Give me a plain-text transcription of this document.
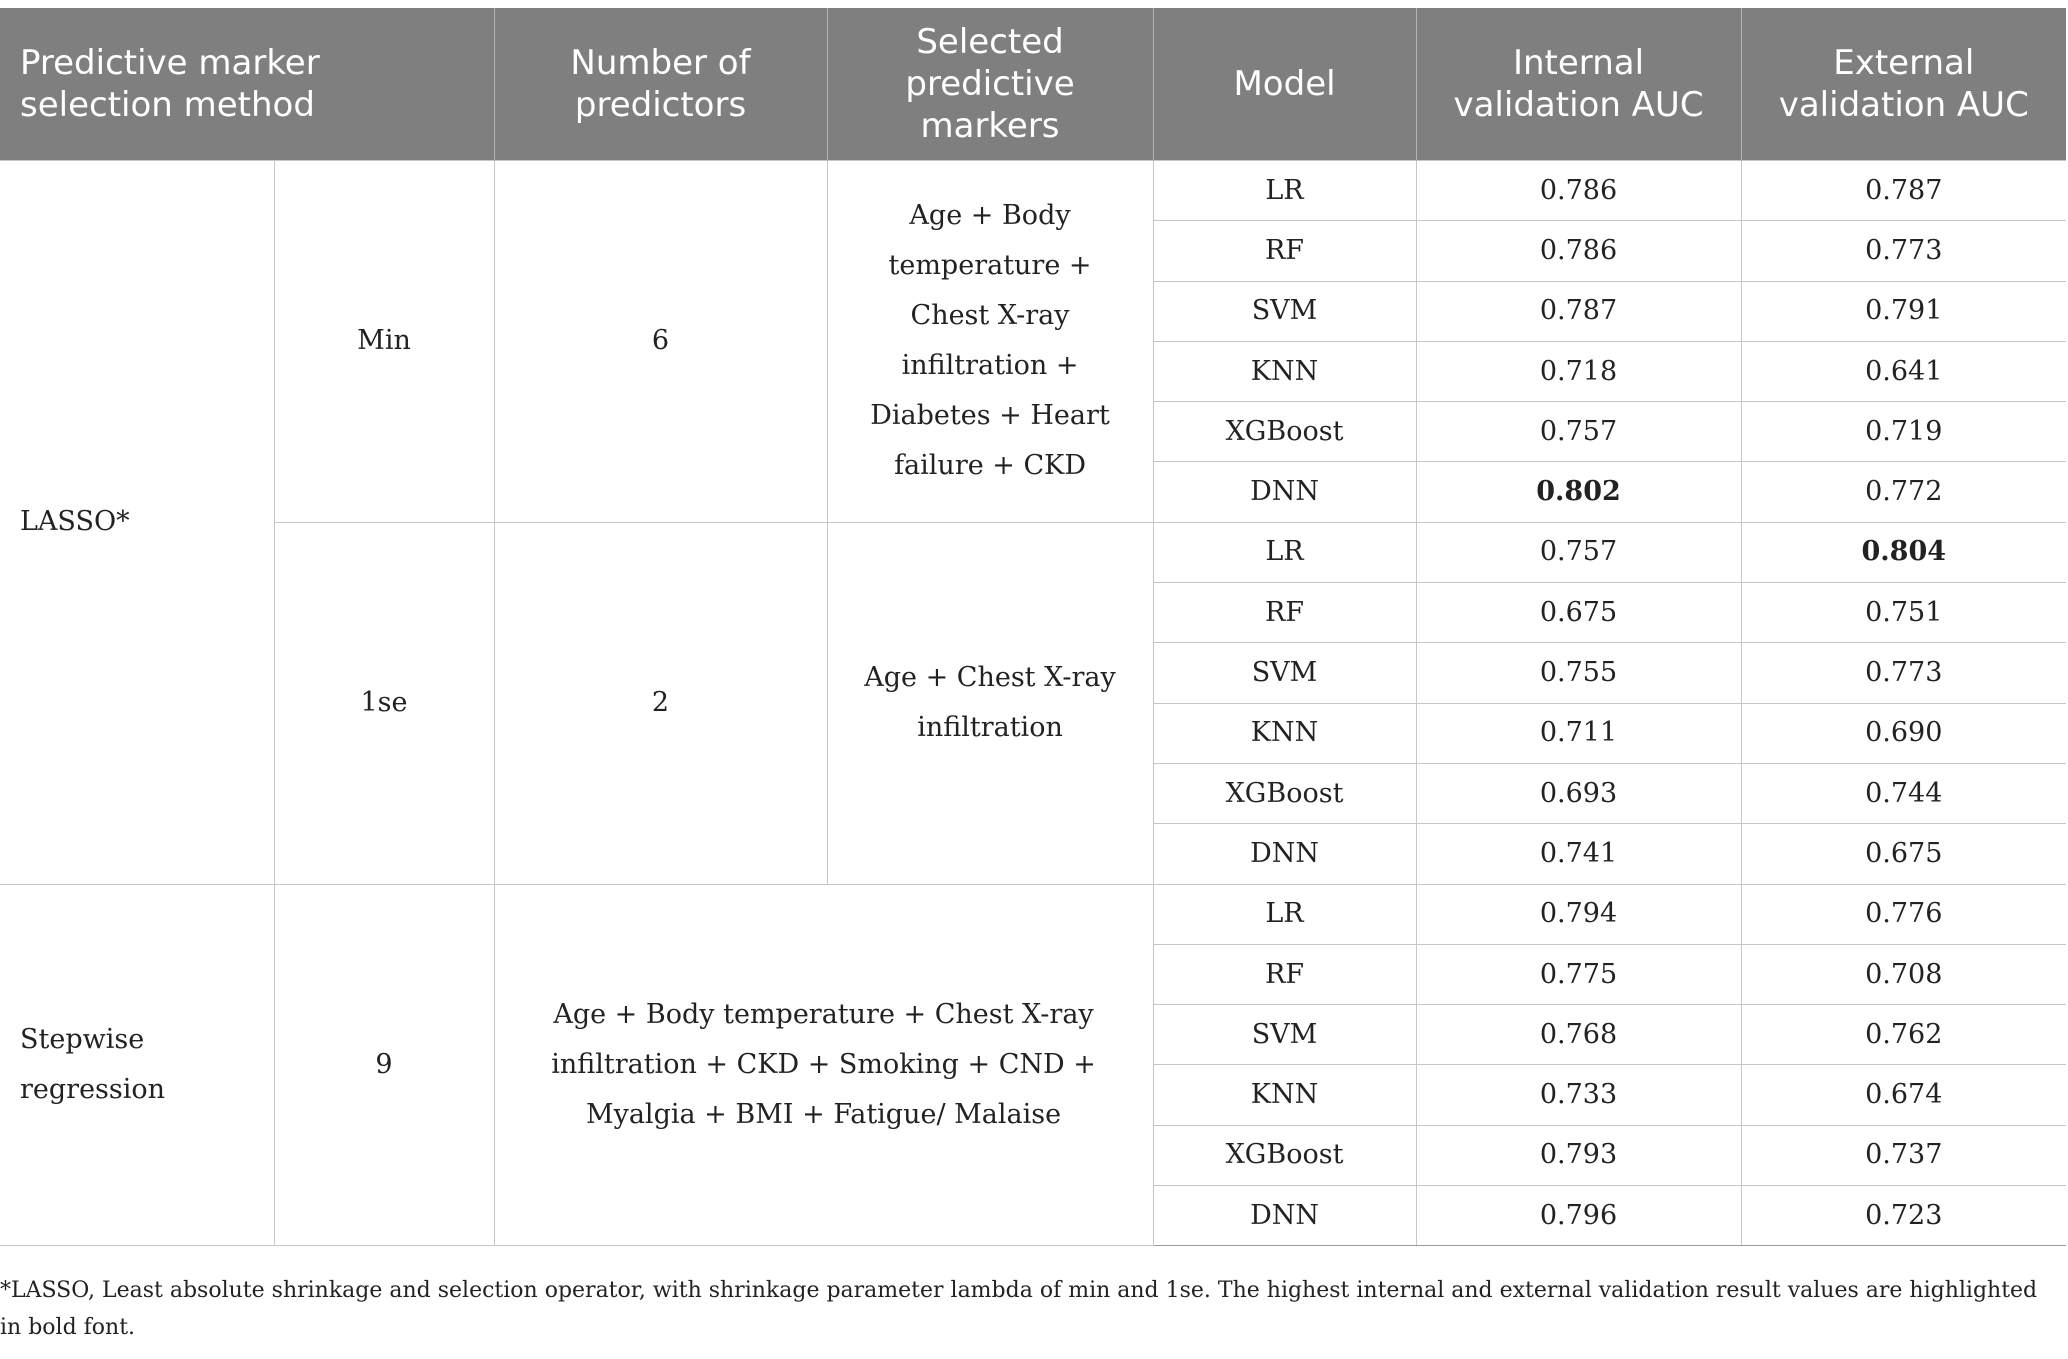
Predictive marker selection method		Number of predictors	Selected predictive markers	Model	Internal validation AUC	External validation AUC
LASSO*	Min	6	Age + Body temperature + Chest X-ray infiltration + Diabetes + Heart failure + CKD	LR	0.786	0.787
				RF	0.786	0.773
				SVM	0.787	0.791
				KNN	0.718	0.641
				XGBoost	0.757	0.719
				DNN	0.802	0.772
	1se	2	Age + Chest X-ray infiltration	LR	0.757	0.804
				RF	0.675	0.751
				SVM	0.755	0.773
				KNN	0.711	0.690
				XGBoost	0.693	0.744
				DNN	0.741	0.675
Stepwise regression	9	Age + Body temperature + Chest X-ray infiltration + CKD + Smoking + CND + Myalgia + BMI + Fatigue/ Malaise		LR	0.794	0.776
				RF	0.775	0.708
				SVM	0.768	0.762
				KNN	0.733	0.674
				XGBoost	0.793	0.737
				DNN	0.796	0.723
*LASSO, Least absolute shrinkage and selection operator, with shrinkage parameter lambda of min and 1se. The highest internal and external validation result values are highlighted in bold font.
